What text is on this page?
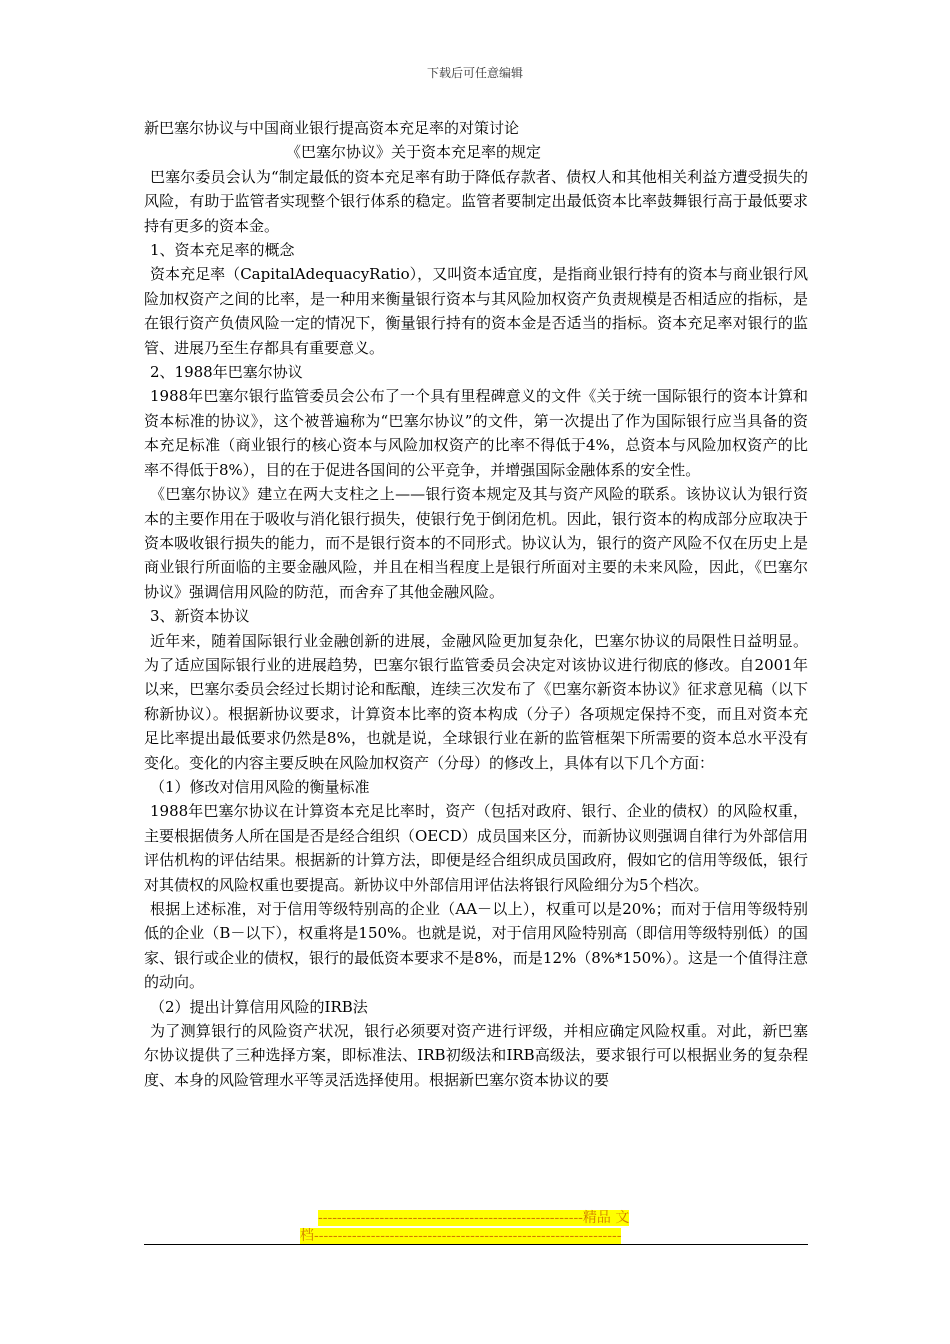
下载后可任意编辑

新巴塞尔协议与中国商业银行提高资本充足率的对策讨论

《巴塞尔协议》关于资本充足率的规定

巴塞尔委员会认为“制定最低的资本充足率有助于降低存款者、债权人和其他相关利益方遭受损失的风险，有助于监管者实现整个银行体系的稳定。监管者要制定出最低资本比率鼓舞银行高于最低要求持有更多的资本金。

1、资本充足率的概念

资本充足率（CapitalAdequacyRatio），又叫资本适宜度，是指商业银行持有的资本与商业银行风险加权资产之间的比率，是一种用来衡量银行资本与其风险加权资产负责规模是否相适应的指标，是在银行资产负债风险一定的情况下，衡量银行持有的资本金是否适当的指标。资本充足率对银行的监管、进展乃至生存都具有重要意义。

2、1988年巴塞尔协议

1988年巴塞尔银行监管委员会公布了一个具有里程碑意义的文件《关于统一国际银行的资本计算和资本标准的协议》，这个被普遍称为“巴塞尔协议”的文件，第一次提出了作为国际银行应当具备的资本充足标准（商业银行的核心资本与风险加权资产的比率不得低于4%，总资本与风险加权资产的比率不得低于8%），目的在于促进各国间的公平竞争，并增强国际金融体系的安全性。

《巴塞尔协议》建立在两大支柱之上——银行资本规定及其与资产风险的联系。该协议认为银行资本的主要作用在于吸收与消化银行损失，使银行免于倒闭危机。因此，银行资本的构成部分应取决于资本吸收银行损失的能力，而不是银行资本的不同形式。协议认为，银行的资产风险不仅在历史上是商业银行所面临的主要金融风险，并且在相当程度上是银行所面对主要的未来风险，因此，《巴塞尔协议》强调信用风险的防范，而舍弃了其他金融风险。

3、新资本协议

近年来，随着国际银行业金融创新的进展，金融风险更加复杂化，巴塞尔协议的局限性日益明显。为了适应国际银行业的进展趋势，巴塞尔银行监管委员会决定对该协议进行彻底的修改。自2001年以来，巴塞尔委员会经过长期讨论和酝酿，连续三次发布了《巴塞尔新资本协议》征求意见稿（以下称新协议）。根据新协议要求，计算资本比率的资本构成（分子）各项规定保持不变，而且对资本充足比率提出最低要求仍然是8%，也就是说，全球银行业在新的监管框架下所需要的资本总水平没有变化。变化的内容主要反映在风险加权资产（分母）的修改上，具体有以下几个方面：

（1）修改对信用风险的衡量标准

1988年巴塞尔协议在计算资本充足比率时，资产（包括对政府、银行、企业的债权）的风险权重，主要根据债务人所在国是否是经合组织（OECD）成员国来区分，而新协议则强调自律行为外部信用评估机构的评估结果。根据新的计算方法，即便是经合组织成员国政府，假如它的信用等级低，银行对其债权的风险权重也要提高。新协议中外部信用评估法将银行风险细分为5个档次。

根据上述标准，对于信用等级特别高的企业（AA－以上），权重可以是20%；而对于信用等级特别低的企业（B－以下），权重将是150%。也就是说，对于信用风险特别高（即信用等级特别低）的国家、银行或企业的债权，银行的最低资本要求不是8%，而是12%（8%*150%）。这是一个值得注意的动向。

（2）提出计算信用风险的IRB法

为了测算银行的风险资产状况，银行必须要对资产进行评级，并相应确定风险权重。对此，新巴塞尔协议提供了三种选择方案，即标准法、IRB初级法和IRB高级法，要求银行可以根据业务的复杂程度、本身的风险管理水平等灵活选择使用。根据新巴塞尔资本协议的要

--------------------------------------------------------精品 文
档-----------------------------------------------------------------
